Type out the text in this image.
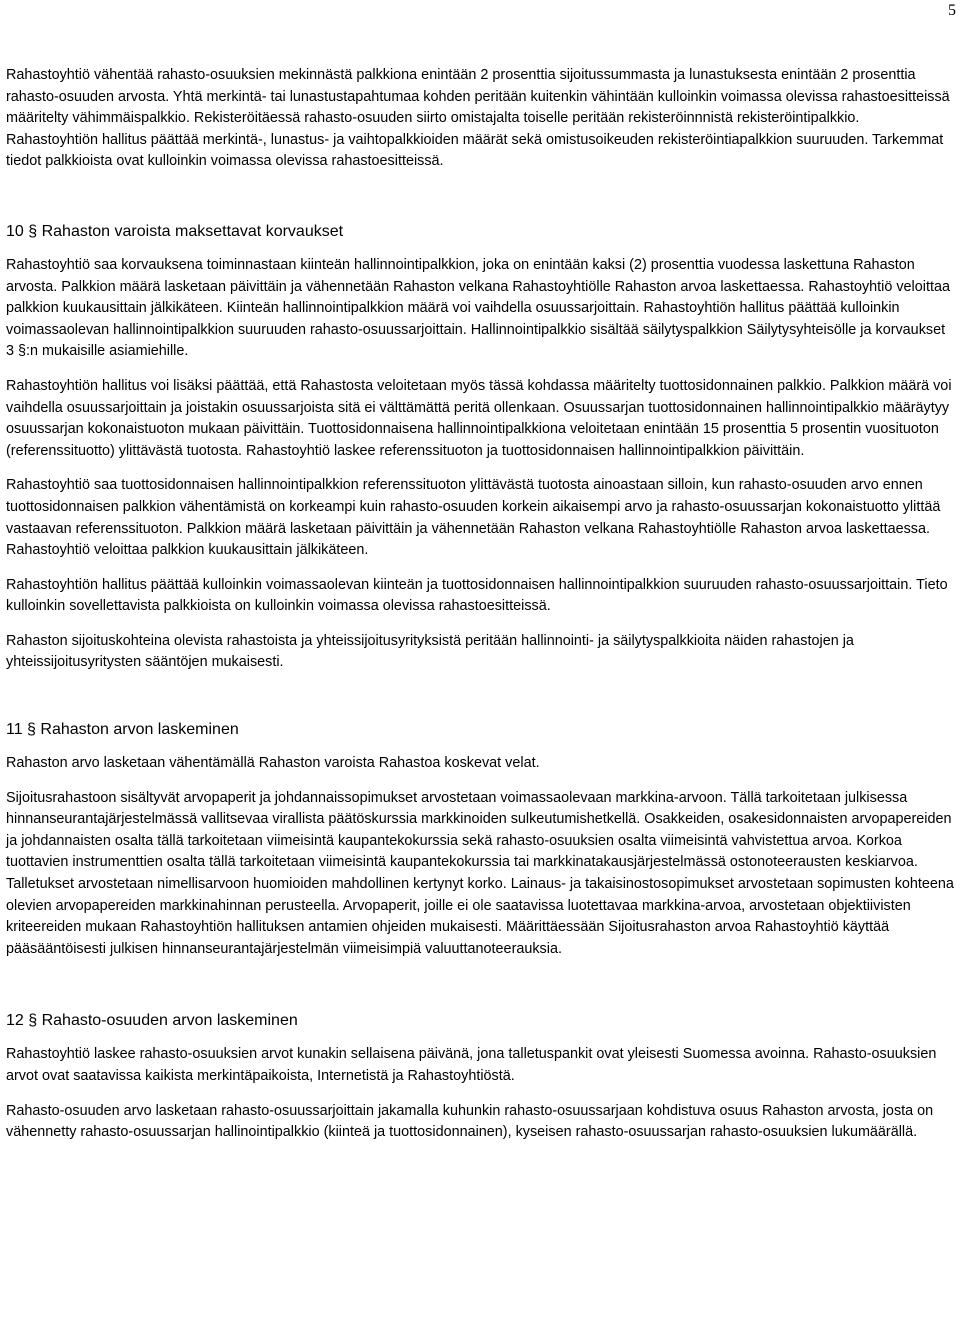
5

Rahastoyhtiö vähentää rahasto-osuuksien mekinnästä palkkiona enintään 2 prosenttia sijoitussummasta ja lunastuksesta enintään 2 prosenttia rahasto-osuuden arvosta. Yhtä merkintä- tai lunastustapahtumaa kohden peritään kuitenkin vähintään kulloinkin voimassa olevissa rahastoesitteissä määritelty vähimmäispalkkio. Rekisteröitäessä rahasto-osuuden siirto omistajalta toiselle peritään rekisteröinnnistä rekisteröintipalkkio. Rahastoyhtiön hallitus päättää merkintä-, lunastus- ja vaihtopalkkioiden määrät sekä omistusoikeuden rekisteröintiapalkkion suuruuden. Tarkemmat tiedot palkkioista ovat kulloinkin voimassa olevissa rahastoesitteissä.

10 § Rahaston varoista maksettavat korvaukset

Rahastoyhtiö saa korvauksena toiminnastaan kiinteän hallinnointipalkkion, joka on enintään kaksi (2) prosenttia vuodessa laskettuna Rahaston arvosta. Palkkion määrä lasketaan päivittäin ja vähennetään Rahaston velkana Rahastoyhtiölle Rahaston arvoa laskettaessa. Rahastoyhtiö veloittaa palkkion kuukausittain jälkikäteen. Kiinteän hallinnointipalkkion määrä voi vaihdella osuussarjoittain. Rahastoyhtiön hallitus päättää kulloinkin voimassaolevan hallinnointipalkkion suuruuden rahasto-osuussarjoittain. Hallinnointipalkkio sisältää säilytyspalkkion Säilytysyhteisölle ja korvaukset 3 §:n mukaisille asiamiehille.

Rahastoyhtiön hallitus voi lisäksi päättää, että Rahastosta veloitetaan myös tässä kohdassa määritelty tuottosidonnainen palkkio. Palkkion määrä voi vaihdella osuussarjoittain ja joistakin osuussarjoista sitä ei välttämättä peritä ollenkaan. Osuussarjan tuottosidonnainen hallinnointipalkkio määräytyy osuussarjan kokonaistuoton mukaan päivittäin. Tuottosidonnaisena hallinnointipalkkiona veloitetaan enintään 15 prosenttia 5 prosentin vuosituoton (referenssituotto) ylittävästä tuotosta. Rahastoyhtiö laskee referenssituoton ja tuottosidonnaisen hallinnointipalkkion päivittäin.

Rahastoyhtiö saa tuottosidonnaisen hallinnointipalkkion referenssituoton ylittävästä tuotosta ainoastaan silloin, kun rahasto-osuuden arvo ennen tuottosidonnaisen palkkion vähentämistä on korkeampi kuin rahasto-osuuden korkein aikaisempi arvo ja rahasto-osuussarjan kokonaistuotto ylittää vastaavan referenssituoton. Palkkion määrä lasketaan päivittäin ja vähennetään Rahaston velkana Rahastoyhtiölle Rahaston arvoa laskettaessa. Rahastoyhtiö veloittaa palkkion kuukausittain jälkikäteen.

Rahastoyhtiön hallitus päättää kulloinkin voimassaolevan kiinteän ja tuottosidonnaisen hallinnointipalkkion suuruuden rahasto-osuussarjoittain. Tieto kulloinkin sovellettavista palkkioista on kulloinkin voimassa olevissa rahastoesitteissä.

Rahaston sijoituskohteina olevista rahastoista ja yhteissijoitusyrityksistä peritään hallinnointi- ja säilytyspalkkioita näiden rahastojen ja yhteissijoitusyritysten sääntöjen mukaisesti.

11 § Rahaston arvon laskeminen

Rahaston arvo lasketaan vähentämällä Rahaston varoista Rahastoa koskevat velat.

Sijoitusrahastoon sisältyvät arvopaperit ja johdannaissopimukset arvostetaan voimassaolevaan markkina-arvoon. Tällä tarkoitetaan julkisessa hinnanseurantajärjestelmässä vallitsevaa virallista päätöskurssia markkinoiden sulkeutumishetkellä. Osakkeiden, osakesidonnaisten arvopapereiden ja johdannaisten osalta tällä tarkoitetaan viimeisintä kaupantekokurssia sekä rahasto-osuuksien osalta viimeisintä vahvistettua arvoa. Korkoa tuottavien instrumenttien osalta tällä tarkoitetaan viimeisintä kaupantekokurssia tai markkinatakausjärjestelmässä ostonoteerausten keskiarvoa. Talletukset arvostetaan nimellisarvoon huomioiden mahdollinen kertynyt korko. Lainaus- ja takaisinostosopimukset arvostetaan sopimusten kohteena olevien arvopapereiden markkinahinnan perusteella. Arvopaperit, joille ei ole saatavissa luotettavaa markkina-arvoa, arvostetaan objektiivisten kriteereiden mukaan Rahastoyhtiön hallituksen antamien ohjeiden mukaisesti. Määrittäessään Sijoitusrahaston arvoa Rahastoyhtiö käyttää pääsääntöisesti julkisen hinnanseurantajärjestelmän viimeisimpiä valuuttanoteerauksia.

12 § Rahasto-osuuden arvon laskeminen

Rahastoyhtiö laskee rahasto-osuuksien arvot kunakin sellaisena päivänä, jona talletuspankit ovat yleisesti Suomessa avoinna. Rahasto-osuuksien arvot ovat saatavissa kaikista merkintäpaikoista, Internetistä ja Rahastoyhtiöstä.

Rahasto-osuuden arvo lasketaan rahasto-osuussarjoittain jakamalla kuhunkin rahasto-osuussarjaan kohdistuva osuus Rahaston arvosta, josta on vähennetty rahasto-osuussarjan hallinointipalkkio (kiinteä ja tuottosidonnainen), kyseisen rahasto-osuussarjan rahasto-osuuksien lukumäärällä.
